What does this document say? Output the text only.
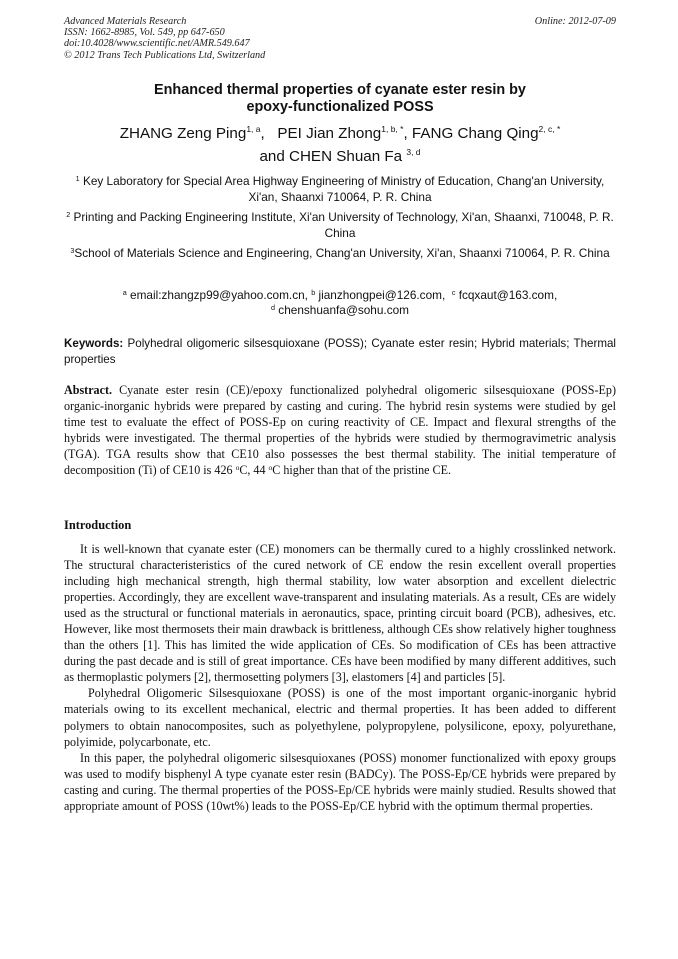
Advanced Materials Research
ISSN: 1662-8985, Vol. 549, pp 647-650
doi:10.4028/www.scientific.net/AMR.549.647
© 2012 Trans Tech Publications Ltd, Switzerland
Online: 2012-07-09
Enhanced thermal properties of cyanate ester resin by
epoxy-functionalized POSS
ZHANG Zeng Ping$^{1, a}$,   PEI Jian Zhong$^{1, b, *}$, FANG Chang Qing$^{2, c, *}$
and CHEN Shuan Fa $^{3, d}$
$^1$ Key Laboratory for Special Area Highway Engineering of Ministry of Education, Chang'an University, Xi'an, Shaanxi 710064, P. R. China
$^2$ Printing and Packing Engineering Institute, Xi'an University of Technology, Xi'an, Shaanxi, 710048, P. R. China
$^3$School of Materials Science and Engineering, Chang'an University, Xi'an, Shaanxi 710064, P. R. China
$^a$ email:zhangzp99@yahoo.com.cn, $^b$ jianzhongpei@126.com,  $^c$ fcqxaut@163.com,
$^d$ chenshuanfa@sohu.com
Keywords: Polyhedral oligomeric silsesquioxane (POSS); Cyanate ester resin; Hybrid materials; Thermal properties
Abstract. Cyanate ester resin (CE)/epoxy functionalized polyhedral oligomeric silsesquioxane (POSS-Ep) organic-inorganic hybrids were prepared by casting and curing. The hybrid resin systems were studied by gel time test to evaluate the effect of POSS-Ep on curing reactivity of CE. Impact and flexural strengths of the hybrids were investigated. The thermal properties of the hybrids were studied by thermogravimetric analysis (TGA). TGA results show that CE10 also possesses the best thermal stability. The initial temperature of decomposition (Ti) of CE10 is 426 $^o$C, 44 $^o$C higher than that of the pristine CE.
Introduction

It is well-known that cyanate ester (CE) monomers can be thermally cured to a highly crosslinked network. The structural characteristeristics of the cured network of CE endow the resin excellent overall properties including high mechanical strength, high thermal stability, low water absorption and excellent dielectric properties. Accordingly, they are excellent wave-transparent and insulating materials. As a result, CEs are widely used as the structural or functional materials in aeronautics, space, printing circuit board (PCB), adhesives, etc. However, like most thermosets their main drawback is brittleness, although CEs show relatively higher toughness than the others [1]. This has limited the wide application of CEs. So modification of CEs has been attractive during the past decade and is still of great importance. CEs have been modified by many different additives, such as thermoplastic polymers [2], thermosetting polymers [3], elastomers [4] and particles [5].

Polyhedral Oligomeric Silsesquioxane (POSS) is one of the most important organic-inorganic hybrid materials owing to its excellent mechanical, electric and thermal properties. It has been added to different polymers to obtain nanocomposites, such as polyethylene, polypropylene, polysilicone, epoxy, polyurethane, polyimide, polycarbonate, etc.

In this paper, the polyhedral oligomeric silsesquioxanes (POSS) monomer functionalized with epoxy groups was used to modify bisphenyl A type cyanate ester resin (BADCy). The POSS-Ep/CE hybrids were prepared by casting and curing. The thermal properties of the POSS-Ep/CE hybrids were mainly studied. Results showed that appropriate amount of POSS (10wt%) leads to the POSS-Ep/CE hybrid with the optimum thermal properties.
